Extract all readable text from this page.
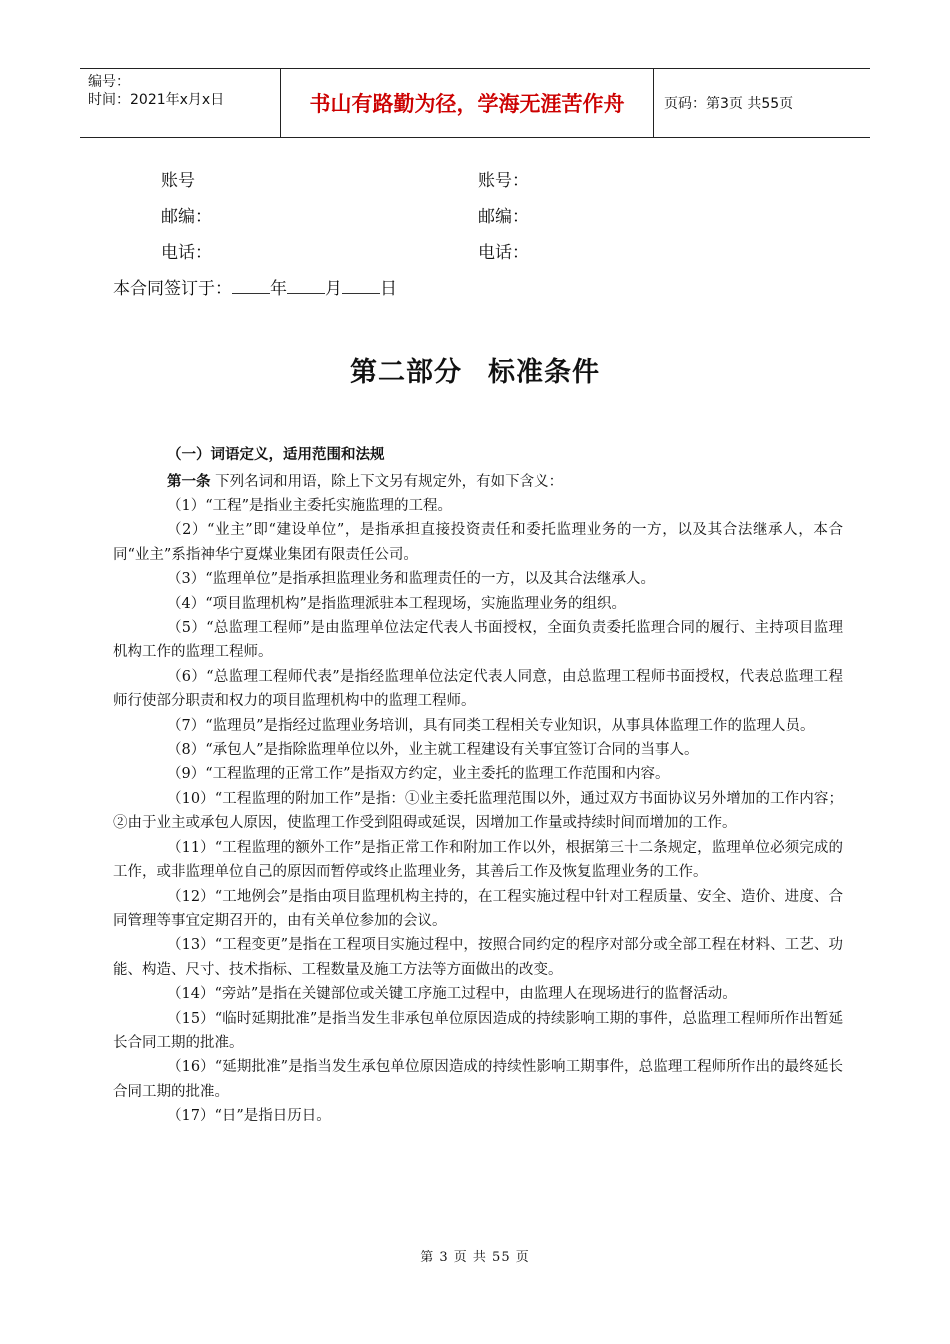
编号：
时间：2021年x月x日	书山有路勤为径，学海无涯苦作舟	页码：第3页 共55页
账号
邮编：
电话：
账号：
邮编：
电话：
本合同签订于： 年 月 日
第二部分 标准条件
（一）词语定义，适用范围和法规
第一条 下列名词和用语，除上下文另有规定外，有如下含义：

（1）“工程”是指业主委托实施监理的工程。

（2）“业主”即“建设单位”，是指承担直接投资责任和委托监理业务的一方，以及其合法继承人，本合同“业主”系指神华宁夏煤业集团有限责任公司。

（3）“监理单位”是指承担监理业务和监理责任的一方，以及其合法继承人。

（4）“项目监理机构”是指监理派驻本工程现场，实施监理业务的组织。

（5）“总监理工程师”是由监理单位法定代表人书面授权，全面负责委托监理合同的履行、主持项目监理机构工作的监理工程师。

（6）“总监理工程师代表”是指经监理单位法定代表人同意，由总监理工程师书面授权，代表总监理工程师行使部分职责和权力的项目监理机构中的监理工程师。

（7）“监理员”是指经过监理业务培训，具有同类工程相关专业知识，从事具体监理工作的监理人员。

（8）“承包人”是指除监理单位以外，业主就工程建设有关事宜签订合同的当事人。

（9）“工程监理的正常工作”是指双方约定，业主委托的监理工作范围和内容。

（10）“工程监理的附加工作”是指：①业主委托监理范围以外，通过双方书面协议另外增加的工作内容；②由于业主或承包人原因，使监理工作受到阻碍或延误，因增加工作量或持续时间而增加的工作。

（11）“工程监理的额外工作”是指正常工作和附加工作以外，根据第三十二条规定，监理单位必须完成的工作，或非监理单位自己的原因而暂停或终止监理业务，其善后工作及恢复监理业务的工作。

（12）“工地例会”是指由项目监理机构主持的，在工程实施过程中针对工程质量、安全、造价、进度、合同管理等事宜定期召开的，由有关单位参加的会议。

（13）“工程变更”是指在工程项目实施过程中，按照合同约定的程序对部分或全部工程在材料、工艺、功能、构造、尺寸、技术指标、工程数量及施工方法等方面做出的改变。

（14）“旁站”是指在关键部位或关键工序施工过程中，由监理人在现场进行的监督活动。

（15）“临时延期批准”是指当发生非承包单位原因造成的持续影响工期的事件，总监理工程师所作出暂延长合同工期的批准。

（16）“延期批准”是指当发生承包单位原因造成的持续性影响工期事件，总监理工程师所作出的最终延长合同工期的批准。

（17）“日”是指日历日。

第 3 页 共 55 页
